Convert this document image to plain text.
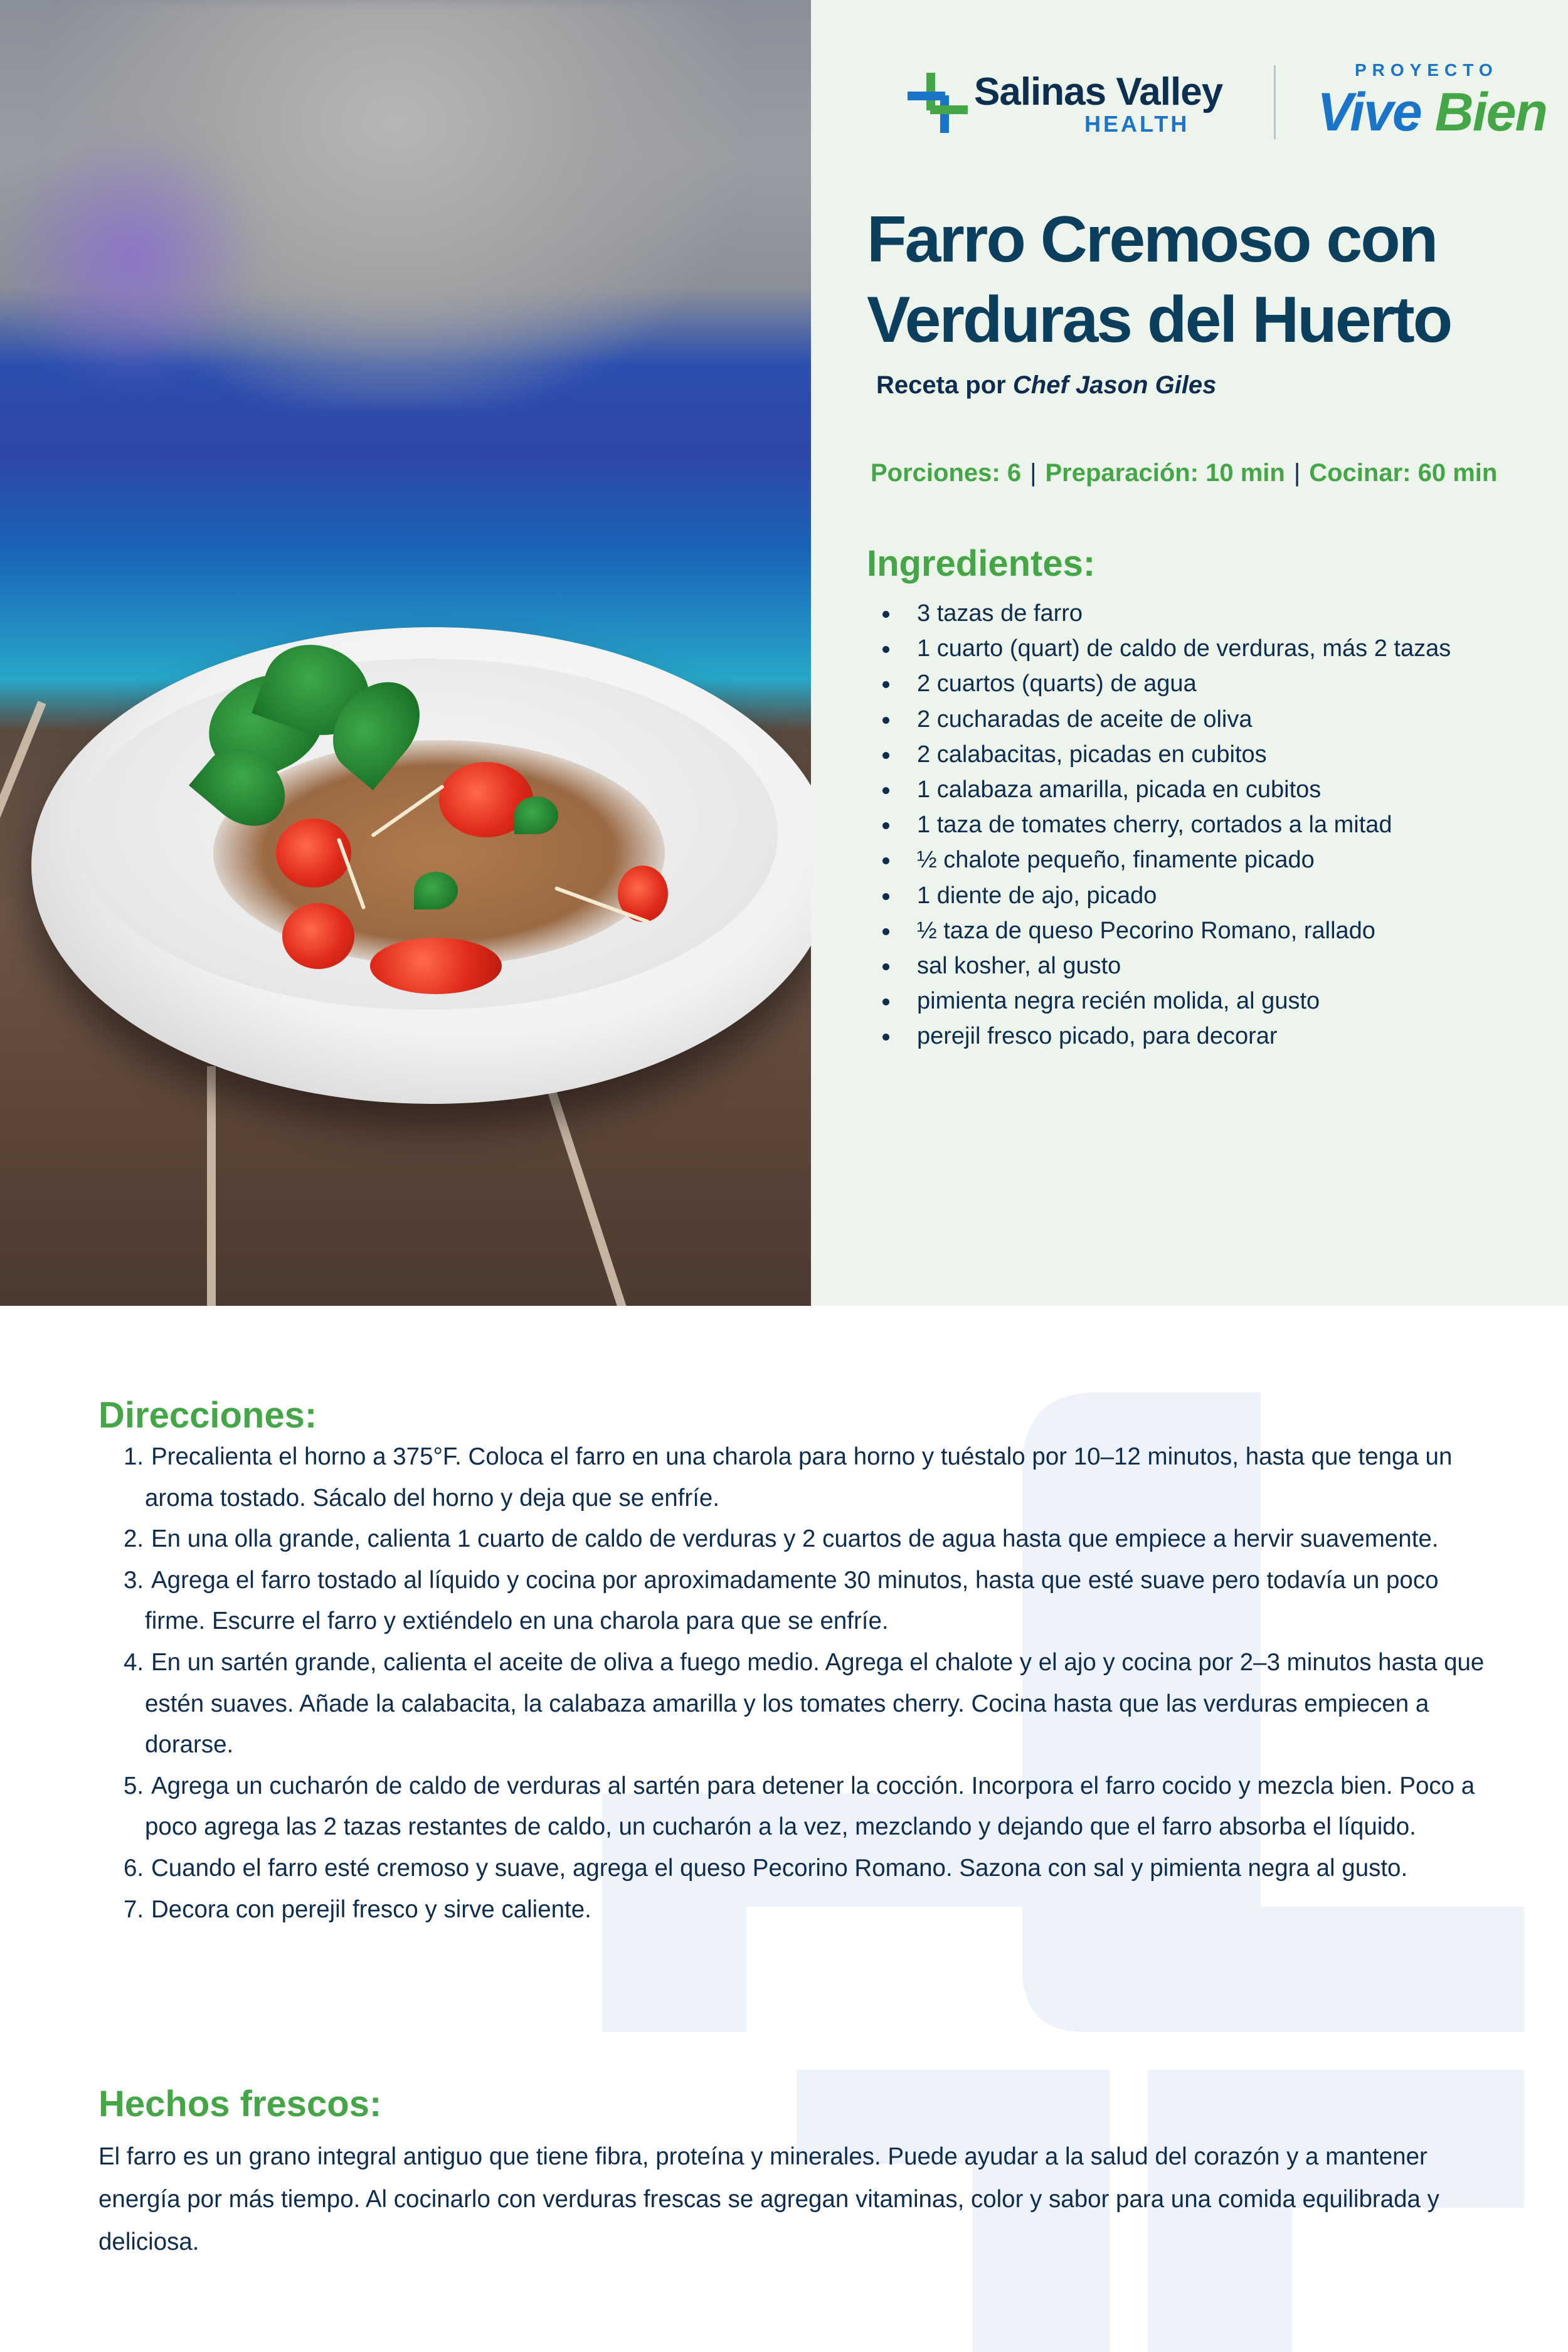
Salinas Valley
HEALTH
PROYECTO
Vive Bien
Farro Cremoso con Verduras del Huerto
Receta por Chef Jason Giles
Porciones: 6 | Preparación: 10 min | Cocinar: 60 min
Ingredientes:
3 tazas de farro
1 cuarto (quart) de caldo de verduras, más 2 tazas
2 cuartos (quarts) de agua
2 cucharadas de aceite de oliva
2 calabacitas, picadas en cubitos
1 calabaza amarilla, picada en cubitos
1 taza de tomates cherry, cortados a la mitad
½ chalote pequeño, finamente picado
1 diente de ajo, picado
½ taza de queso Pecorino Romano, rallado
sal kosher, al gusto
pimienta negra recién molida, al gusto
perejil fresco picado, para decorar
Direcciones:
1. Precalienta el horno a 375°F. Coloca el farro en una charola para horno y tuéstalo por 10–12 minutos, hasta que tenga un aroma tostado. Sácalo del horno y deja que se enfríe.
2. En una olla grande, calienta 1 cuarto de caldo de verduras y 2 cuartos de agua hasta que empiece a hervir suavemente.
3. Agrega el farro tostado al líquido y cocina por aproximadamente 30 minutos, hasta que esté suave pero todavía un poco firme. Escurre el farro y extiéndelo en una charola para que se enfríe.
4. En un sartén grande, calienta el aceite de oliva a fuego medio. Agrega el chalote y el ajo y cocina por 2–3 minutos hasta que estén suaves. Añade la calabacita, la calabaza amarilla y los tomates cherry. Cocina hasta que las verduras empiecen a dorarse.
5. Agrega un cucharón de caldo de verduras al sartén para detener la cocción. Incorpora el farro cocido y mezcla bien. Poco a poco agrega las 2 tazas restantes de caldo, un cucharón a la vez, mezclando y dejando que el farro absorba el líquido.
6. Cuando el farro esté cremoso y suave, agrega el queso Pecorino Romano. Sazona con sal y pimienta negra al gusto.
7. Decora con perejil fresco y sirve caliente.
Hechos frescos:

El farro es un grano integral antiguo que tiene fibra, proteína y minerales. Puede ayudar a la salud del corazón y a mantener energía por más tiempo. Al cocinarlo con verduras frescas se agregan vitaminas, color y sabor para una comida equilibrada y deliciosa.
